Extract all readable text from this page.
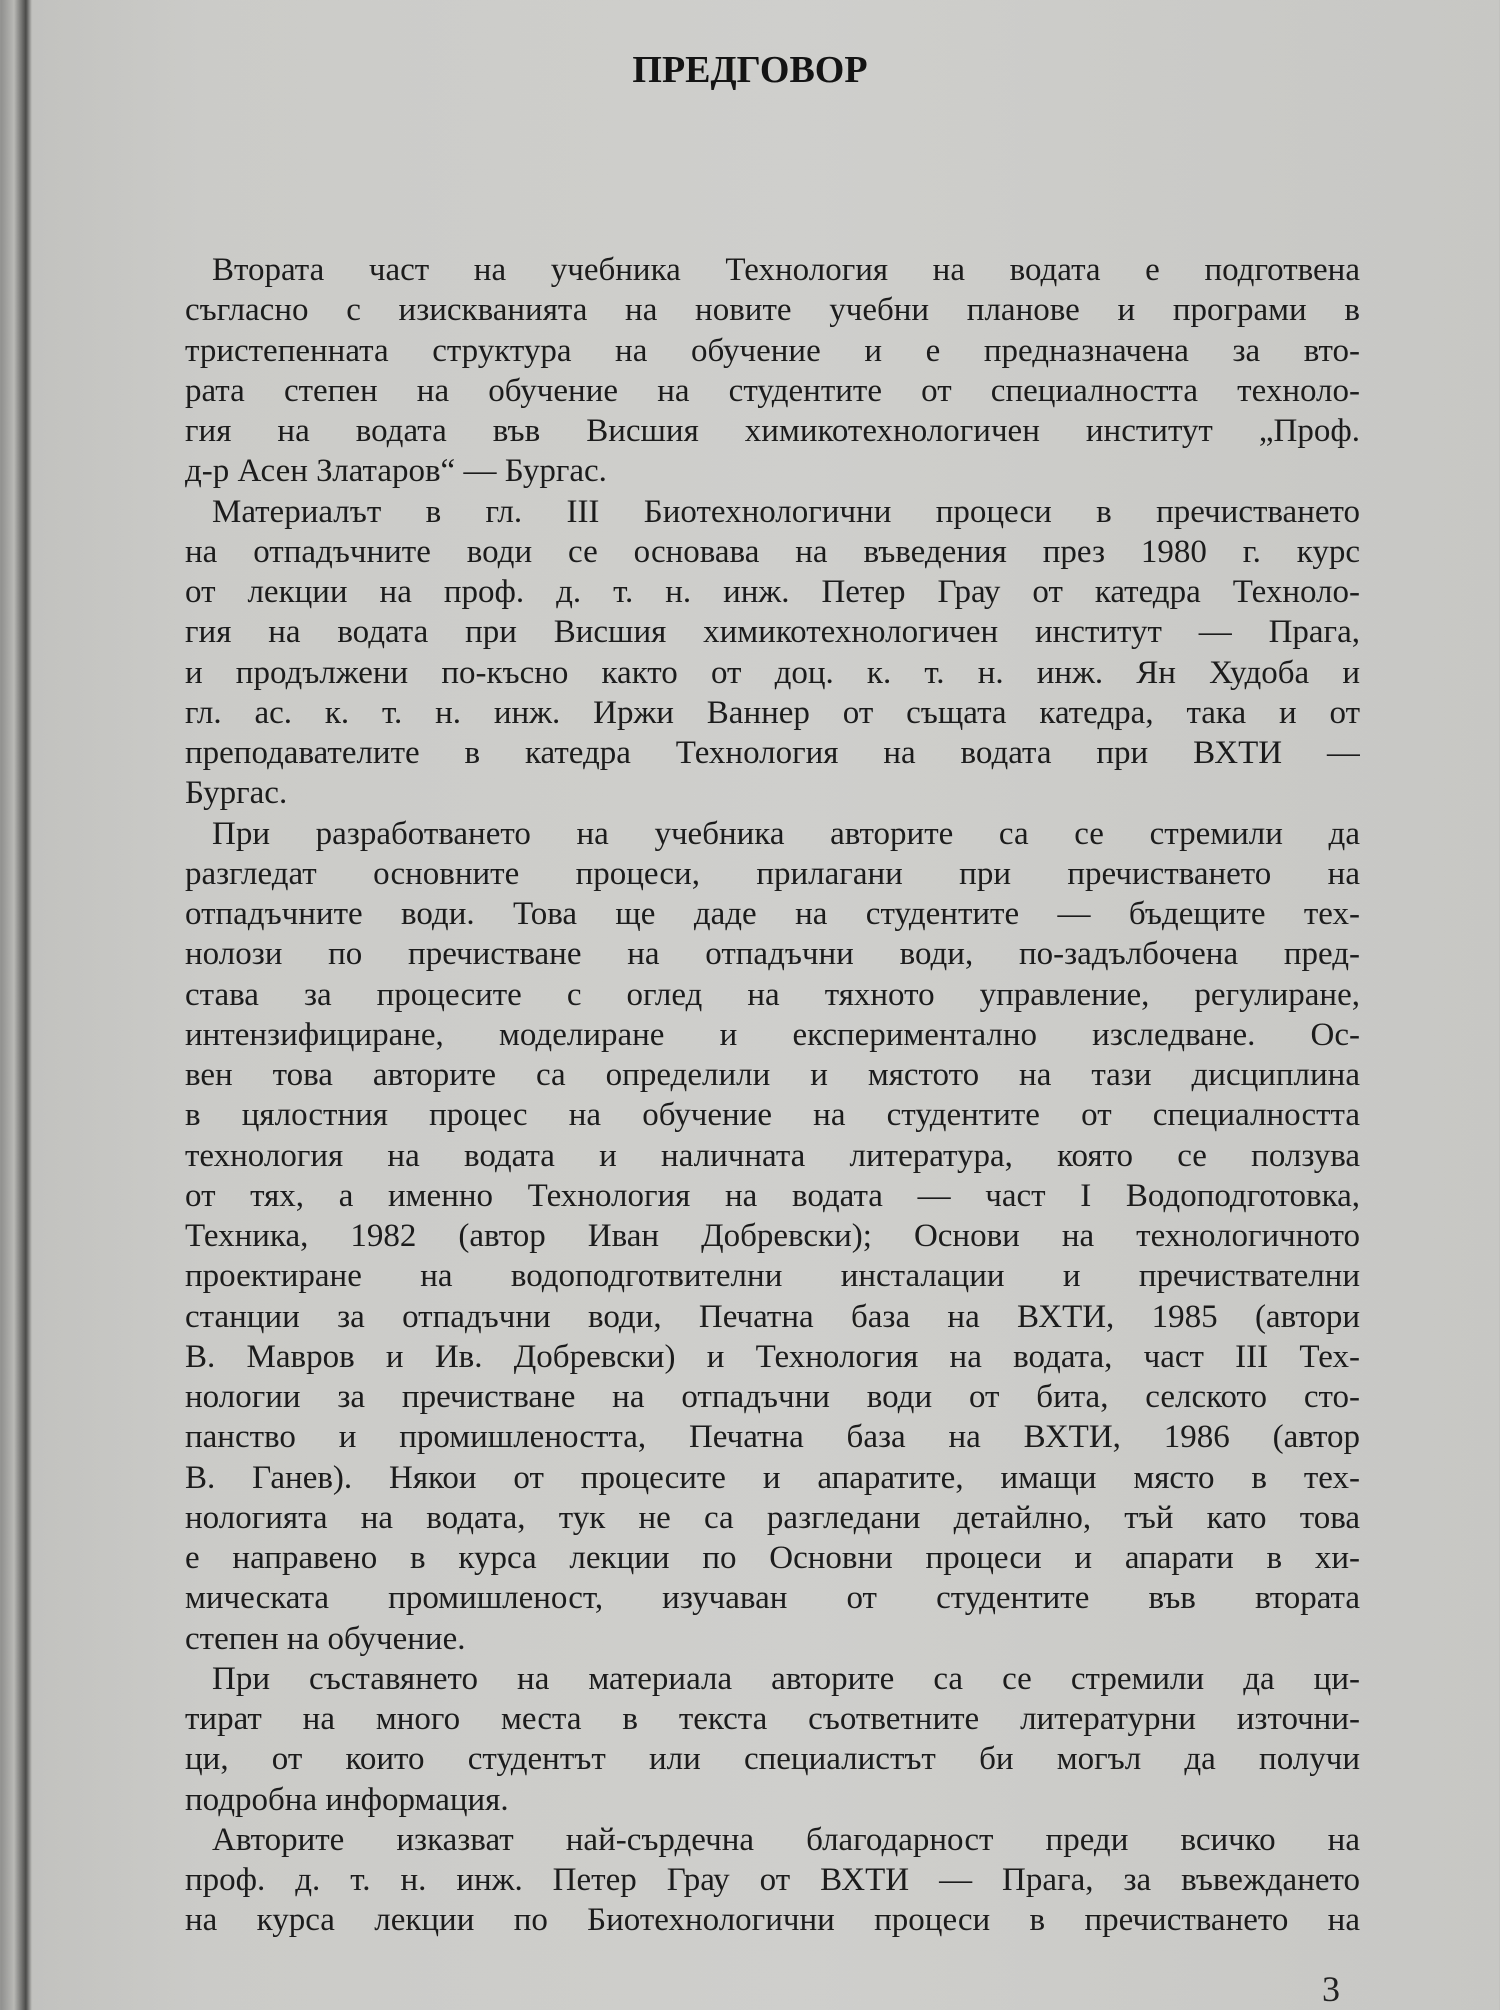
ПРЕДГОВОР
Втората част на учебника Технология на водата е подготвена
съгласно с изискванията на новите учебни планове и програми в
тристепенната структура на обучение и е предназначена за вто-
рата степен на обучение на студентите от специалността техноло-
гия на водата във Висшия химикотехнологичен институт „Проф.
д-р Асен Златаров“ — Бургас.
Материалът в гл. III Биотехнологични процеси в пречистването
на отпадъчните води се основава на въведения през 1980 г. курс
от лекции на проф. д. т. н. инж. Петер Грау от катедра Техноло-
гия на водата при Висшия химикотехнологичен институт — Прага,
и продължени по-късно както от доц. к. т. н. инж. Ян Худоба и
гл. ас. к. т. н. инж. Иржи Ваннер от същата катедра, така и от
преподавателите в катедра Технология на водата при ВХТИ —
Бургас.
При разработването на учебника авторите са се стремили да
разгледат основните процеси, прилагани при пречистването на
отпадъчните води. Това ще даде на студентите — бъдещите тех-
нолози по пречистване на отпадъчни води, по-задълбочена пред-
става за процесите с оглед на тяхното управление, регулиране,
интензифициране, моделиране и експериментално изследване. Ос-
вен това авторите са определили и мястото на тази дисциплина
в цялостния процес на обучение на студентите от специалността
технология на водата и наличната литература, която се ползува
от тях, а именно Технология на водата — част I Водоподготовка,
Техника, 1982 (автор Иван Добревски); Основи на технологичното
проектиране на водоподготвителни инсталации и пречиствателни
станции за отпадъчни води, Печатна база на ВХТИ, 1985 (автори
В. Мавров и Ив. Добревски) и Технология на водата, част III Тех-
нологии за пречистване на отпадъчни води от бита, селското сто-
панство и промишлеността, Печатна база на ВХТИ, 1986 (автор
В. Ганев). Някои от процесите и апаратите, имащи място в тех-
нологията на водата, тук не са разгледани детайлно, тъй като това
е направено в курса лекции по Основни процеси и апарати в хи-
мическата промишленост, изучаван от студентите във втората
степен на обучение.
При съставянето на материала авторите са се стремили да ци-
тират на много места в текста съответните литературни източни-
ци, от които студентът или специалистът би могъл да получи
подробна информация.
Авторите изказват най-сърдечна благодарност преди всичко на
проф. д. т. н. инж. Петер Грау от ВХТИ — Прага, за въвеждането
на курса лекции по Биотехнологични процеси в пречистването на
3
